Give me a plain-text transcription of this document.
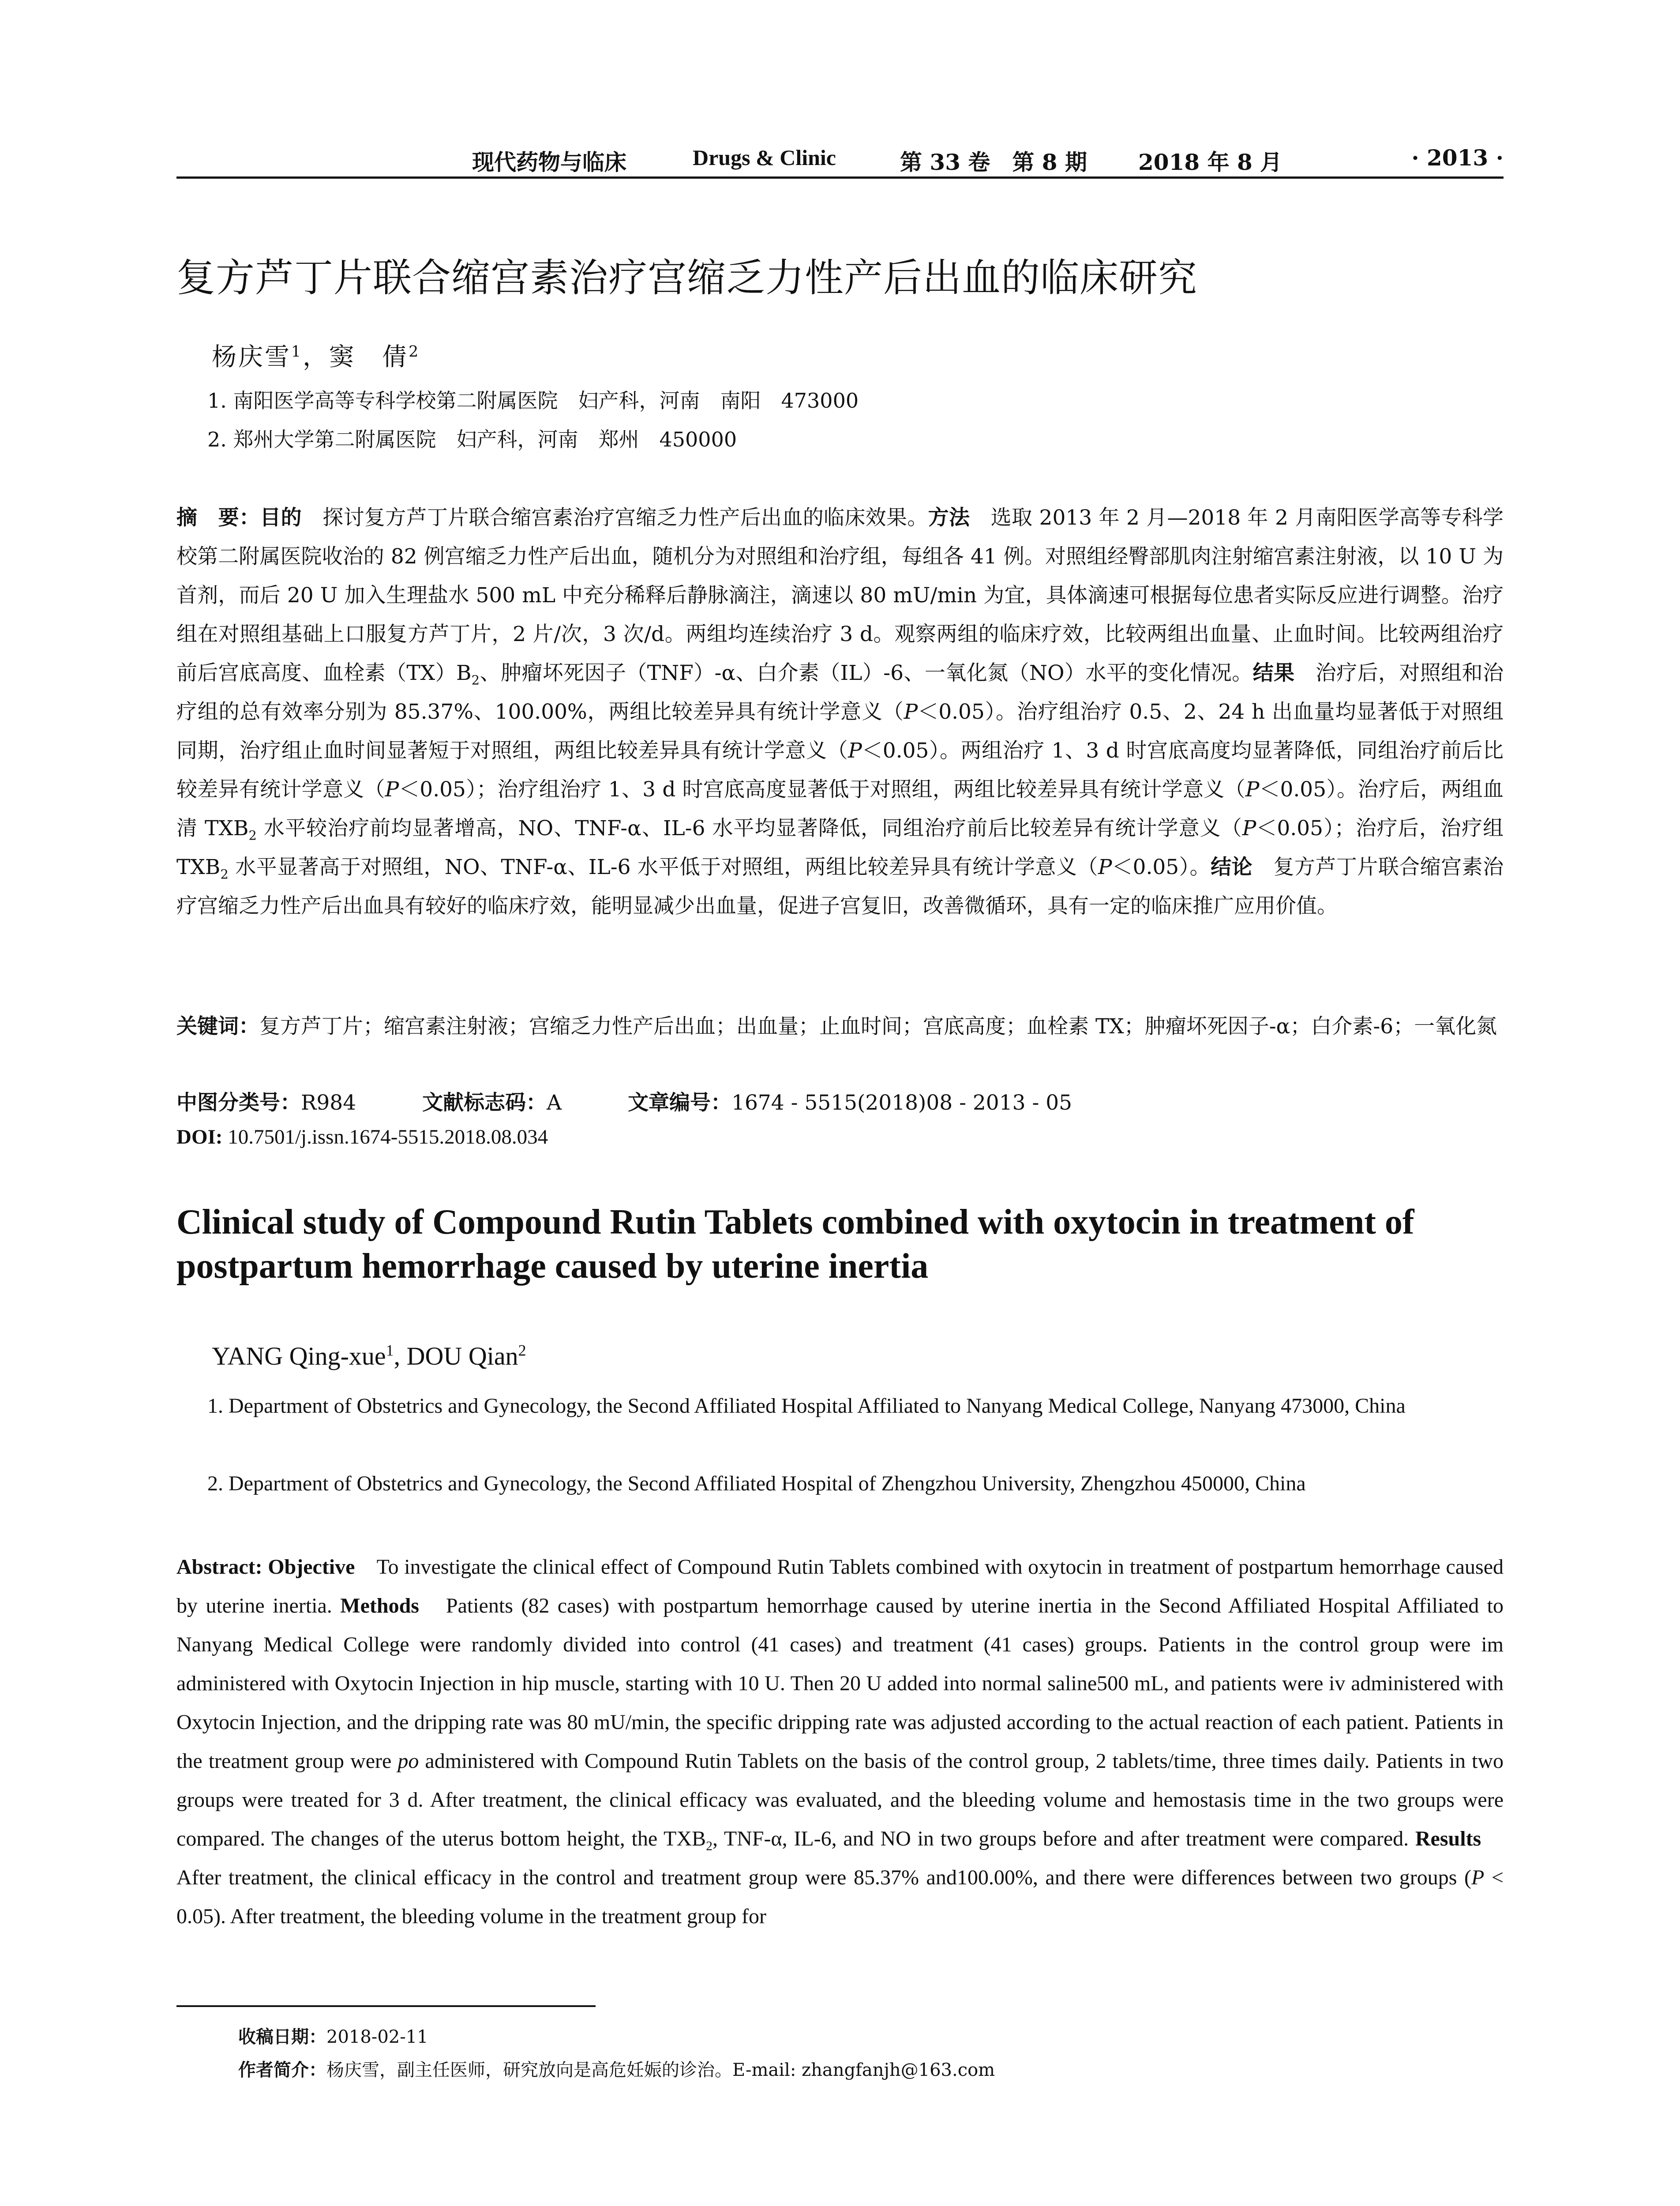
现代药物与临床	Drugs & Clinic	第 33 卷　第 8 期 2018 年 8 月	· 2013 ·
复方芦丁片联合缩宫素治疗宫缩乏力性产后出血的临床研究
杨庆雪$^1$，窦　倩$^2$
1. 南阳医学高等专科学校第二附属医院　妇产科，河南　南阳　473000
2. 郑州大学第二附属医院　妇产科，河南　郑州　450000
摘　要：目的　探讨复方芦丁片联合缩宫素治疗宫缩乏力性产后出血的临床效果。方法　选取 2013 年 2 月—2018 年 2 月南阳医学高等专科学校第二附属医院收治的 82 例宫缩乏力性产后出血，随机分为对照组和治疗组，每组各 41 例。对照组经臀部肌肉注射缩宫素注射液，以 10 U 为首剂，而后 20 U 加入生理盐水 500 mL 中充分稀释后静脉滴注，滴速以 80 mU/min 为宜，具体滴速可根据每位患者实际反应进行调整。治疗组在对照组基础上口服复方芦丁片，2 片/次，3 次/d。两组均连续治疗 3 d。观察两组的临床疗效，比较两组出血量、止血时间。比较两组治疗前后宫底高度、血栓素$(TX)B_2$、肿瘤坏死因子（TNF）-α、白介素（IL）-6、一氧化氮（NO）水平的变化情况。结果　治疗后，对照组和治疗组的总有效率分别为 85.37%、100.00%，两组比较差异具有统计学意义（P＜0.05）。治疗组治疗 0.5、2、24 h 出血量均显著低于对照组同期，治疗组止血时间显著短于对照组，两组比较差异具有统计学意义（P＜0.05）。两组治疗 1、3 d 时宫底高度均显著降低，同组治疗前后比较差异有统计学意义（P＜0.05）；治疗组治疗 1、3 d 时宫底高度显著低于对照组，两组比较差异具有统计学意义（P＜0.05）。治疗后，两组血清 $TXB_2$ 水平较治疗前均显著增高，NO、TNF-α、IL-6 水平均显著降低，同组治疗前后比较差异有统计学意义（P＜0.05）；治疗后，治疗组 $TXB_2$ 水平显著高于对照组，NO、TNF-α、IL-6 水平低于对照组，两组比较差异具有统计学意义（P＜0.05）。结论　复方芦丁片联合缩宫素治疗宫缩乏力性产后出血具有较好的临床疗效，能明显减少出血量，促进子宫复旧，改善微循环，具有一定的临床推广应用价值。
关键词：复方芦丁片；缩宫素注射液；宫缩乏力性产后出血；出血量；止血时间；宫底高度；血栓素 TX；肿瘤坏死因子-α；白介素-6；一氧化氮
中图分类号：R984	文献标志码：A	文章编号：1674 - 5515(2018)08 - 2013 - 05
DOI: 10.7501/j.issn.1674-5515.2018.08.034
Clinical study of Compound Rutin Tablets combined with oxytocin in treatment of postpartum hemorrhage caused by uterine inertia
YANG Qing-xue$^1$, DOU Qian$^2$
1. Department of Obstetrics and Gynecology, the Second Affiliated Hospital Affiliated to Nanyang Medical College, Nanyang 473000, China
2. Department of Obstetrics and Gynecology, the Second Affiliated Hospital of Zhengzhou University, Zhengzhou 450000, China
Abstract: Objective　To investigate the clinical effect of Compound Rutin Tablets combined with oxytocin in treatment of postpartum hemorrhage caused by uterine inertia. Methods　Patients (82 cases) with postpartum hemorrhage caused by uterine inertia in the Second Affiliated Hospital Affiliated to Nanyang Medical College were randomly divided into control (41 cases) and treatment (41 cases) groups. Patients in the control group were im administered with Oxytocin Injection in hip muscle, starting with 10 U. Then 20 U added into normal saline500 mL, and patients were iv administered with Oxytocin Injection, and the dripping rate was 80 mU/min, the specific dripping rate was adjusted according to the actual reaction of each patient. Patients in the treatment group were po administered with Compound Rutin Tablets on the basis of the control group, 2 tablets/time, three times daily. Patients in two groups were treated for 3 d. After treatment, the clinical efficacy was evaluated, and the bleeding volume and hemostasis time in the two groups were compared. The changes of the uterus bottom height, the $TXB_2$, TNF-α, IL-6, and NO in two groups before and after treatment were compared. Results　After treatment, the clinical efficacy in the control and treatment group were 85.37% and100.00%, and there were differences between two groups (P < 0.05). After treatment, the bleeding volume in the treatment group for
收稿日期：2018-02-11
作者简介：杨庆雪，副主任医师，研究放向是高危妊娠的诊治。E-mail: zhangfanjh@163.com
